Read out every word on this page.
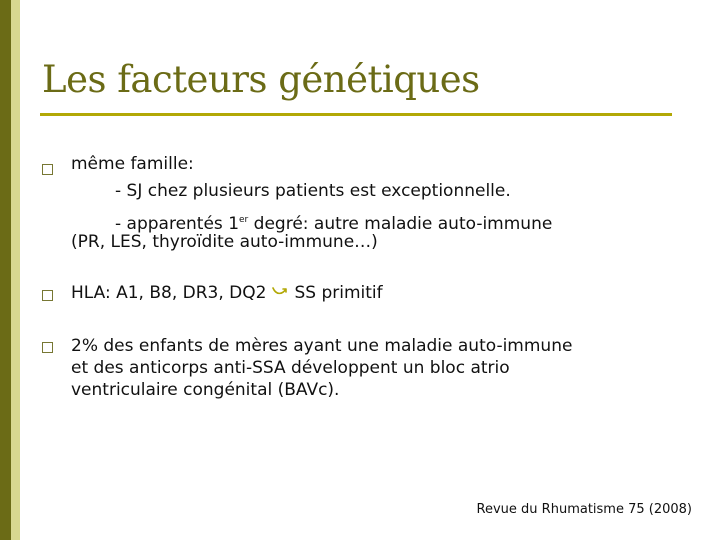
Les facteurs génétiques
même famille:
- SJ chez plusieurs patients est exceptionnelle.
- apparentés 1er degré: autre maladie auto-immune
(PR, LES, thyroïdite auto-immune…)
HLA: A1, B8, DR3, DQ2 SS primitif
2% des enfants de mères ayant une maladie auto-immune
et des anticorps anti-SSA développent un bloc atrio
ventriculaire congénital (BAVc).
Revue du Rhumatisme 75 (2008)
